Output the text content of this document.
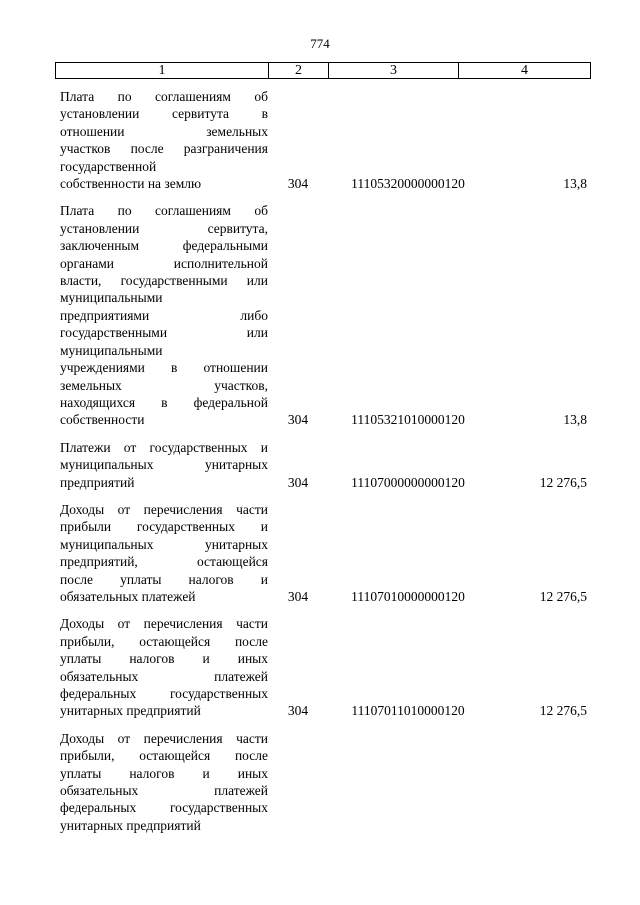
774
1	2	3	4
Плата по соглашениям об
установлении сервитута в
отношении земельных
участков после разграничения
государственной
собственности на землю	304	11105320000000120	13,8
Плата по соглашениям об
установлении сервитута,
заключенным федеральными
органами исполнительной
власти, государственными или
муниципальными
предприятиями либо
государственными или
муниципальными
учреждениями в отношении
земельных участков,
находящихся в федеральной
собственности	304	11105321010000120	13,8
Платежи от государственных и
муниципальных унитарных
предприятий	304	11107000000000120	12 276,5
Доходы от перечисления части
прибыли государственных и
муниципальных унитарных
предприятий, остающейся
после уплаты налогов и
обязательных платежей	304	11107010000000120	12 276,5
Доходы от перечисления части
прибыли, остающейся после
уплаты налогов и иных
обязательных платежей
федеральных государственных
унитарных предприятий	304	11107011010000120	12 276,5
Доходы от перечисления части
прибыли, остающейся после
уплаты налогов и иных
обязательных платежей
федеральных государственных
унитарных предприятий
